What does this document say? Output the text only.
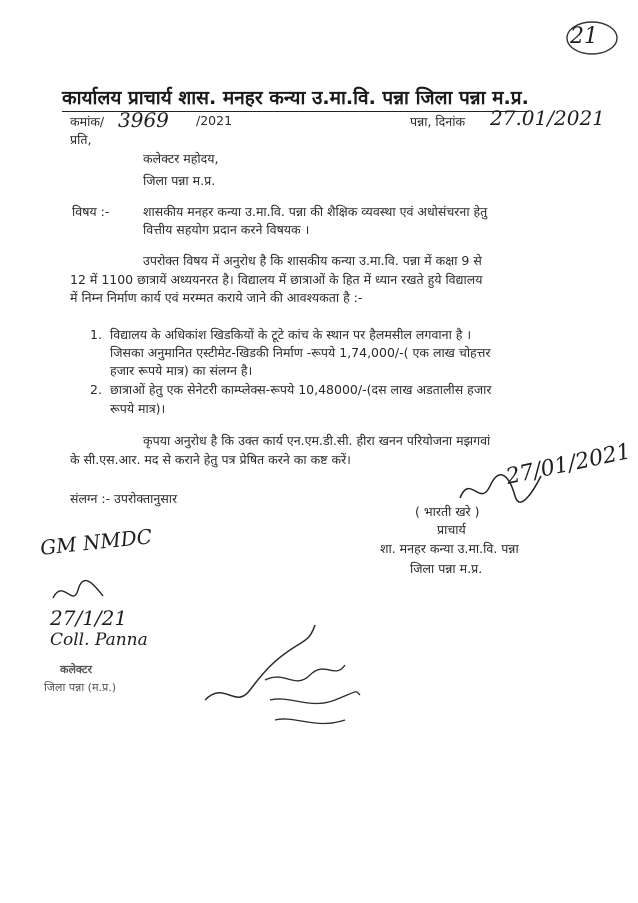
21
कार्यालय प्राचार्य शास. मनहर कन्या उ.मा.वि. पन्ना जिला पन्ना म.प्र.
कमांक/ 3969 /2021	पन्ना, दिनांक 27.01/2021
प्रति,
कलेक्टर महोदय,
जिला पन्ना म.प्र.
विषय :-	शासकीय मनहर कन्या उ.मा.वि. पन्ना की शैक्षिक व्यवस्था एवं अधोसंचरना हेतु
वित्तीय सहयोग प्रदान करने विषयक ।
उपरोक्त विषय में अनुरोध है कि शासकीय कन्या उ.मा.वि. पन्ना में कक्षा 9 से
12 में 1100 छात्रायें अध्ययनरत है। विद्यालय में छात्राओं के हित में ध्यान रखते हुये विद्यालय
में निम्न निर्माण कार्य एवं मरम्मत कराये जाने की आवश्यकता है :-
1. विद्यालय के अधिकांश खिडकियों के टूटे कांच के स्थान पर हैलमसील लगवाना है ।
जिसका अनुमानित एस्टीमेट-खिडकी निर्माण -रूपये 1,74,000/-( एक लाख चोहत्तर
हजार रूपये मात्र) का संलग्न है।
2. छात्राओं हेतु एक सेनेटरी काम्प्लेक्स-रूपये 10,48000/-(दस लाख अडतालीस हजार
रूपये मात्र)।
कृपया अनुरोध है कि उक्त कार्य एन.एम.डी.सी. हीरा खनन परियोजना मझगवां
के सी.एस.आर. मद से कराने हेतु पत्र प्रेषित करने का कष्ट करें।
संलग्न :- उपरोक्तानुसार
27/01/2021
( भारती खरे )
प्राचार्य
शा. मनहर कन्या उ.मा.वि. पन्ना
जिला पन्ना म.प्र.
GM NMDC
27/1/21
Coll. Panna
कलेक्टर
जिला पन्ना (म.प्र.)
